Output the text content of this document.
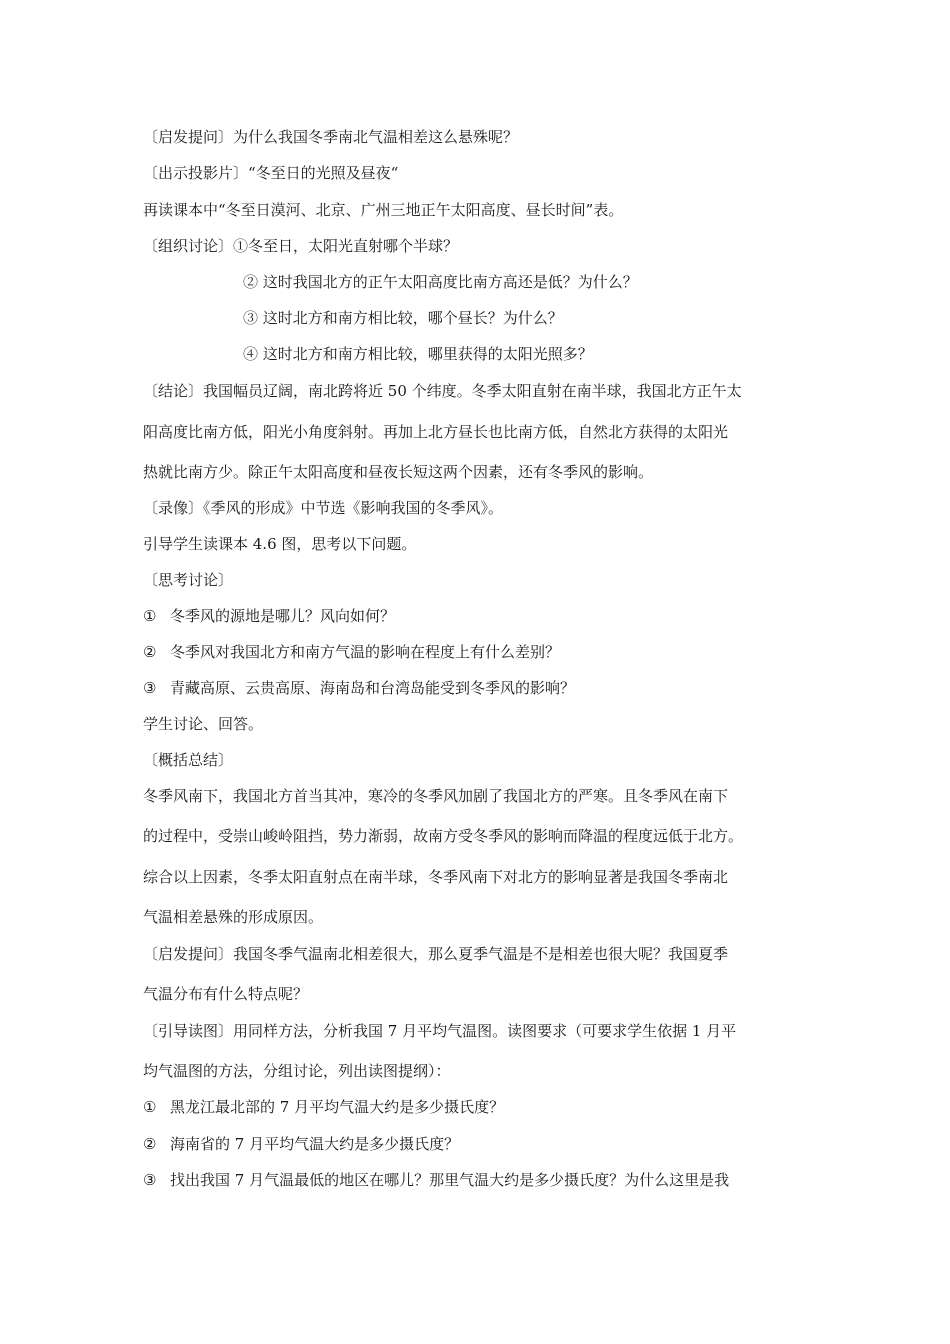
〔启发提问〕为什么我国冬季南北气温相差这么悬殊呢？
〔出示投影片〕“冬至日的光照及昼夜“
再读课本中“冬至日漠河、北京、广州三地正午太阳高度、昼长时间”表。
〔组织讨论〕①冬至日，太阳光直射哪个半球？
② 这时我国北方的正午太阳高度比南方高还是低？为什么？
③ 这时北方和南方相比较，哪个昼长？为什么？
④ 这时北方和南方相比较，哪里获得的太阳光照多？
〔结论〕我国幅员辽阔，南北跨将近 50 个纬度。冬季太阳直射在南半球，我国北方正午太
阳高度比南方低，阳光小角度斜射。再加上北方昼长也比南方低，自然北方获得的太阳光
热就比南方少。除正午太阳高度和昼夜长短这两个因素，还有冬季风的影响。
〔录像〕《季风的形成》中节选《影响我国的冬季风》。
引导学生读课本 4.6 图，思考以下问题。
〔思考讨论〕
① 冬季风的源地是哪儿？风向如何？
② 冬季风对我国北方和南方气温的影响在程度上有什么差别？
③ 青藏高原、云贵高原、海南岛和台湾岛能受到冬季风的影响？
学生讨论、回答。
〔概括总结〕
冬季风南下，我国北方首当其冲，寒冷的冬季风加剧了我国北方的严寒。且冬季风在南下
的过程中，受崇山峻岭阻挡，势力渐弱，故南方受冬季风的影响而降温的程度远低于北方。
综合以上因素，冬季太阳直射点在南半球，冬季风南下对北方的影响显著是我国冬季南北
气温相差悬殊的形成原因。
〔启发提问〕我国冬季气温南北相差很大，那么夏季气温是不是相差也很大呢？我国夏季
气温分布有什么特点呢？
〔引导读图〕用同样方法，分析我国 7 月平均气温图。读图要求（可要求学生依据 1 月平
均气温图的方法，分组讨论，列出读图提纲）：
① 黑龙江最北部的 7 月平均气温大约是多少摄氏度？
② 海南省的 7 月平均气温大约是多少摄氏度？
③ 找出我国 7 月气温最低的地区在哪儿？那里气温大约是多少摄氏度？为什么这里是我
